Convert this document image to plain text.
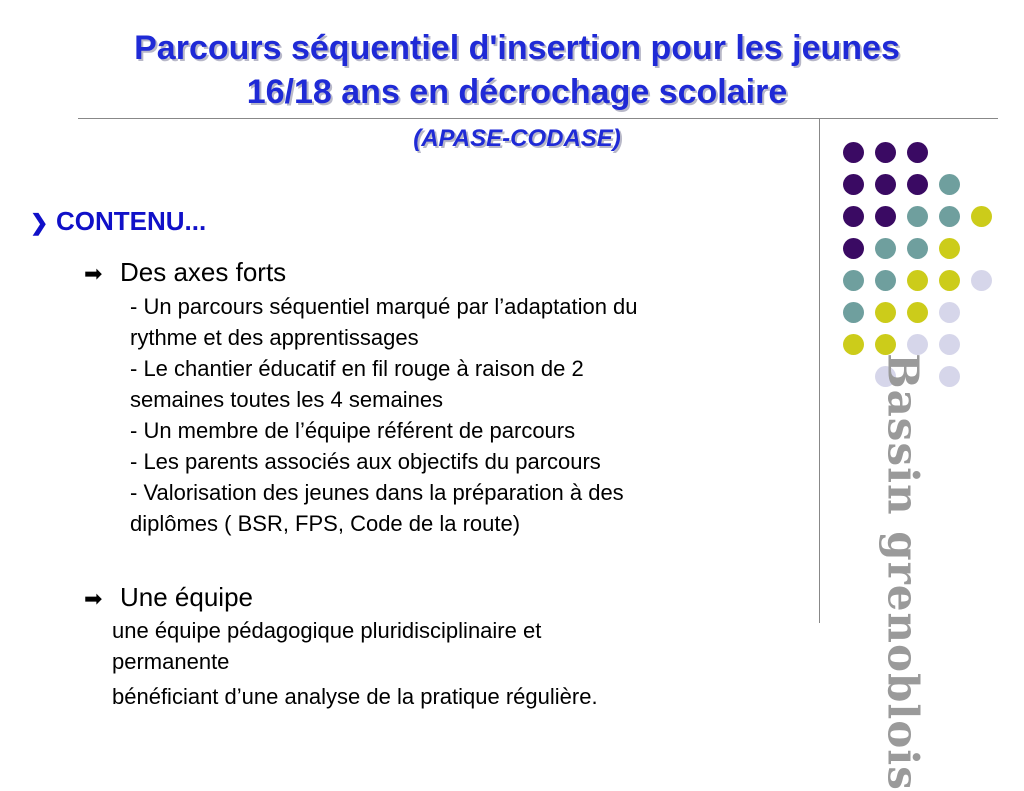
Parcours séquentiel d'insertion pour les jeunes
16/18 ans en décrochage scolaire
(APASE-CODASE)
Bassin grenoblois
❯ CONTENU...
➡ Des axes forts
- Un parcours séquentiel marqué par l’adaptation du
rythme et des apprentissages
- Le chantier éducatif en fil rouge à raison de 2
semaines toutes les 4 semaines
- Un membre de l’équipe référent de parcours
- Les parents associés aux objectifs du parcours
- Valorisation des jeunes dans la préparation à des
diplômes ( BSR, FPS, Code de la route)
➡ Une équipe
une équipe pédagogique pluridisciplinaire et
permanente
bénéficiant d’une analyse de la pratique régulière.
